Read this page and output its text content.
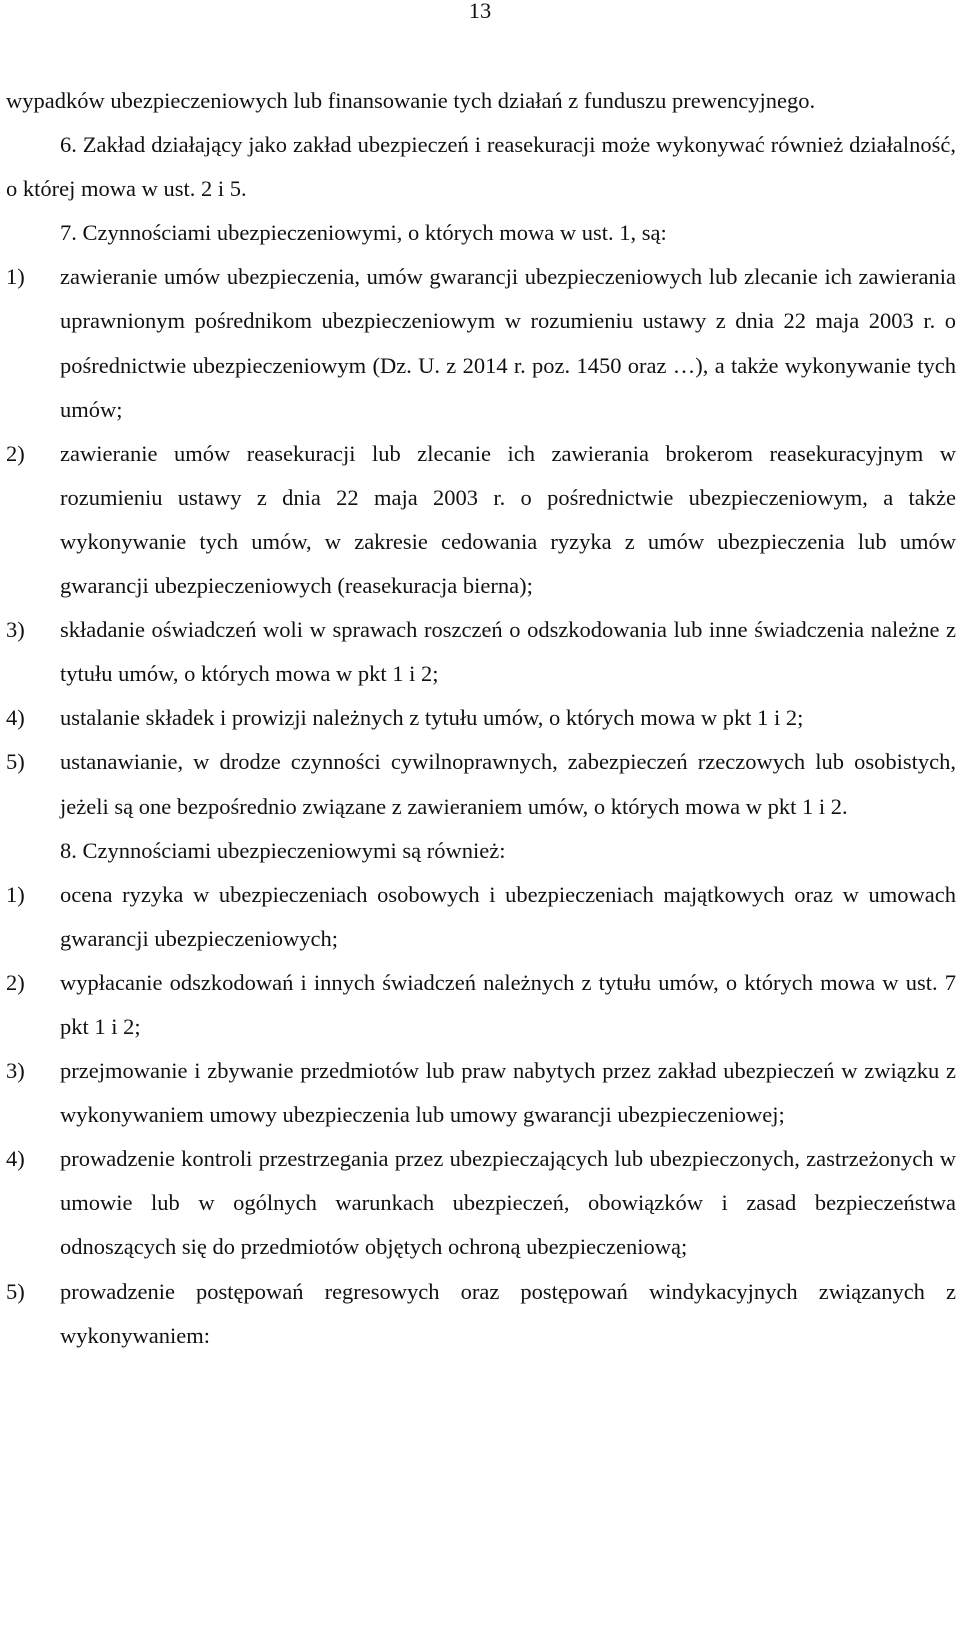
13

wypadków ubezpieczeniowych lub finansowanie tych działań z funduszu prewencyjnego.

6. Zakład działający jako zakład ubezpieczeń i reasekuracji może wykonywać również działalność, o której mowa w ust. 2 i 5.

7. Czynnościami ubezpieczeniowymi, o których mowa w ust. 1, są:

1)	zawieranie umów ubezpieczenia, umów gwarancji ubezpieczeniowych lub zlecanie ich zawierania uprawnionym pośrednikom ubezpieczeniowym w rozumieniu ustawy z dnia 22 maja 2003 r. o pośrednictwie ubezpieczeniowym (Dz. U. z 2014 r. poz. 1450 oraz …), a także wykonywanie tych umów;
2)	zawieranie umów reasekuracji lub zlecanie ich zawierania brokerom reasekuracyjnym w rozumieniu ustawy z dnia 22 maja 2003 r. o pośrednictwie ubezpieczeniowym, a także wykonywanie tych umów, w zakresie cedowania ryzyka z umów ubezpieczenia lub umów gwarancji ubezpieczeniowych (reasekuracja bierna);
3)	składanie oświadczeń woli w sprawach roszczeń o odszkodowania lub inne świadczenia należne z tytułu umów, o których mowa w pkt 1 i 2;
4)	ustalanie składek i prowizji należnych z tytułu umów, o których mowa w pkt 1 i 2;
5)	ustanawianie, w drodze czynności cywilnoprawnych, zabezpieczeń rzeczowych lub osobistych, jeżeli są one bezpośrednio związane z zawieraniem umów, o których mowa w pkt 1 i 2.

8. Czynnościami ubezpieczeniowymi są również:

1)	ocena ryzyka w ubezpieczeniach osobowych i ubezpieczeniach majątkowych oraz w umowach gwarancji ubezpieczeniowych;
2)	wypłacanie odszkodowań i innych świadczeń należnych z tytułu umów, o których mowa w ust. 7 pkt 1 i 2;
3)	przejmowanie i zbywanie przedmiotów lub praw nabytych przez zakład ubezpieczeń w związku z wykonywaniem umowy ubezpieczenia lub umowy gwarancji ubezpieczeniowej;
4)	prowadzenie kontroli przestrzegania przez ubezpieczających lub ubezpieczonych, zastrzeżonych w umowie lub w ogólnych warunkach ubezpieczeń, obowiązków i zasad bezpieczeństwa odnoszących się do przedmiotów objętych ochroną ubezpieczeniową;
5)	prowadzenie postępowań regresowych oraz postępowań windykacyjnych związanych z wykonywaniem:
